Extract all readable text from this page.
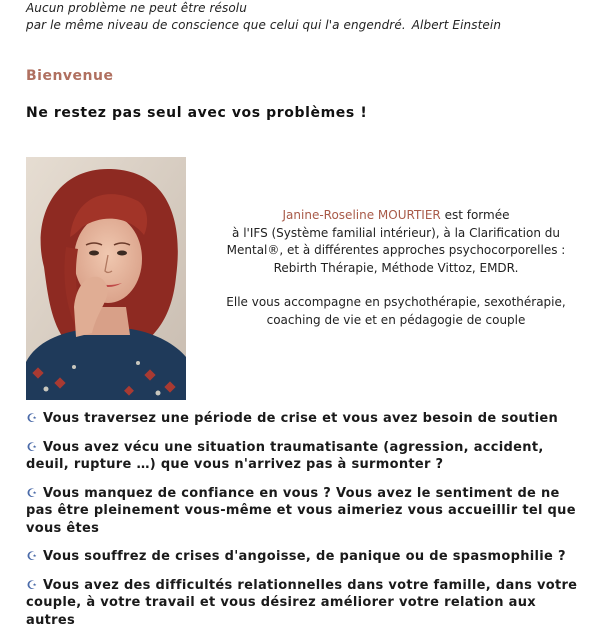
Aucun problème ne peut être résolu
par le même niveau de conscience que celui qui l'a engendré. Albert Einstein
Bienvenue
Ne restez pas seul avec vos problèmes !

Janine-Roseline MOURTIER est formée
à l'IFS (Système familial intérieur), à la Clarification du
Mental®, et à différentes approches psychocorporelles :
Rebirth Thérapie, Méthode Vittoz, EMDR.

Elle vous accompagne en psychothérapie, sexothérapie,
coaching de vie et en pédagogie de couple

☪ Vous traversez une période de crise et vous avez besoin de soutien
☪ Vous avez vécu une situation traumatisante (agression, accident, deuil, rupture …) que vous n'arrivez pas à surmonter ?
☪ Vous manquez de confiance en vous ? Vous avez le sentiment de ne pas être pleinement vous-même et vous aimeriez vous accueillir tel que vous êtes
☪ Vous souffrez de crises d'angoisse, de panique ou de spasmophilie ?
☪ Vous avez des difficultés relationnelles dans votre famille, dans votre couple, à votre travail et vous désirez améliorer votre relation aux autres
